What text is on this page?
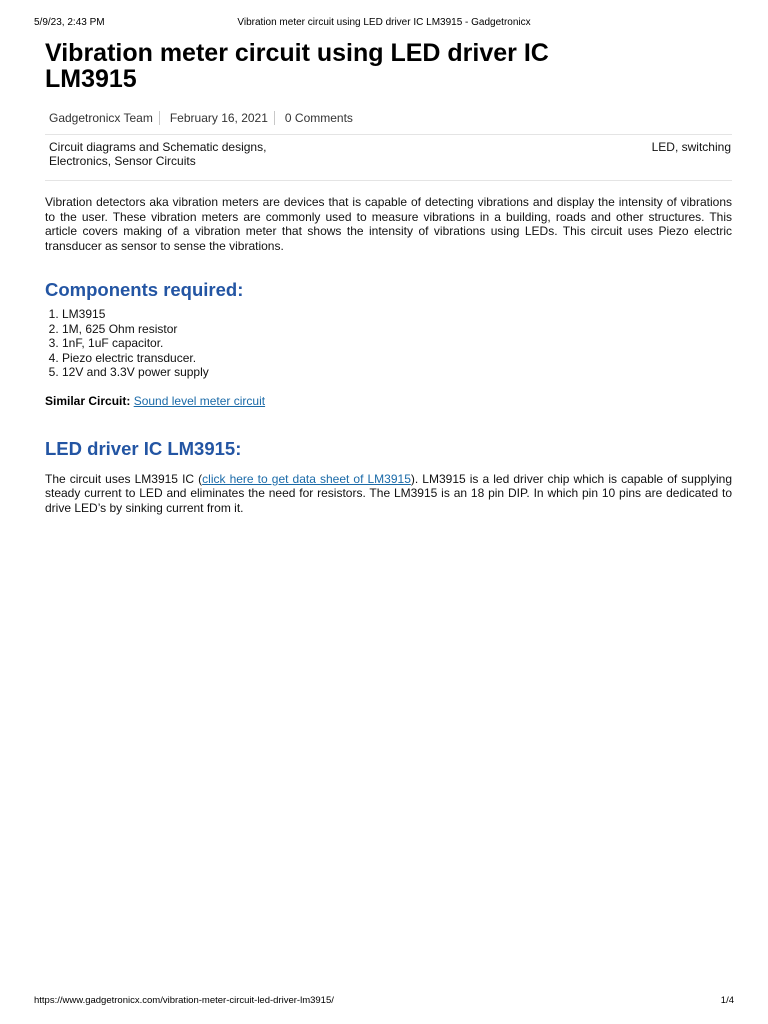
5/9/23, 2:43 PM	Vibration meter circuit using LED driver IC LM3915 - Gadgetronicx
Vibration meter circuit using LED driver IC LM3915
Gadgetronicx Team February 16, 2021 0 Comments
Circuit diagrams and Schematic designs, Electronics, Sensor Circuits
LED, switching

Vibration detectors aka vibration meters are devices that is capable of detecting vibrations and display the intensity of vibrations to the user. These vibration meters are commonly used to measure vibrations in a building, roads and other structures. This article covers making of a vibration meter that shows the intensity of vibrations using LEDs. This circuit uses Piezo electric transducer as sensor to sense the vibrations.

Components required:
1. LM3915
2. 1M, 625 Ohm resistor
3. 1nF, 1uF capacitor.
4. Piezo electric transducer.
5. 12V and 3.3V power supply
Similar Circuit: Sound level meter circuit
LED driver IC LM3915:

The circuit uses LM3915 IC (click here to get data sheet of LM3915). LM3915 is a led driver chip which is capable of supplying steady current to LED and eliminates the need for resistors. The LM3915 is an 18 pin DIP. In which pin 10 pins are dedicated to drive LED’s by sinking current from it.

https://www.gadgetronicx.com/vibration-meter-circuit-led-driver-lm3915/	1/4
